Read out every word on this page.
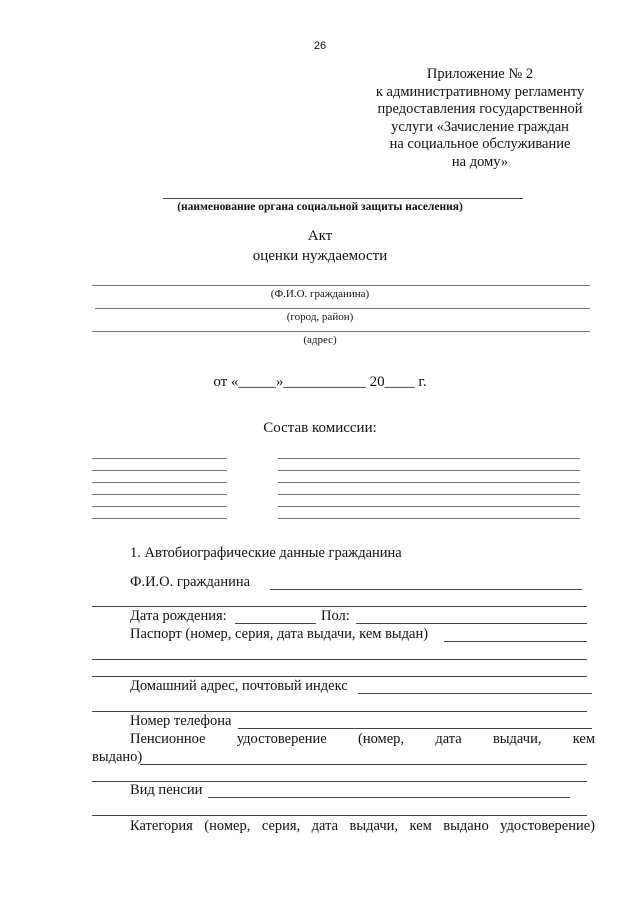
26
Приложение № 2
к административному регламенту
предоставления государственной
услуги «Зачисление граждан
на социальное обслуживание
на дому»
(наименование органа социальной защиты населения)
Акт
оценки нуждаемости
(Ф.И.О. гражданина)
(город, район)
(адрес)
от «_____»___________ 20____ г.
Состав комиссии:
1. Автобиографические данные гражданина
Ф.И.О. гражданина
Дата рождения:	Пол:
Паспорт (номер, серия, дата выдачи, кем выдан)
Домашний адрес, почтовый индекс
Номер телефона
Пенсионное удостоверение (номер, дата выдачи, кем
выдано)
Вид пенсии
Категория (номер, серия, дата выдачи, кем выдано удостоверение)
